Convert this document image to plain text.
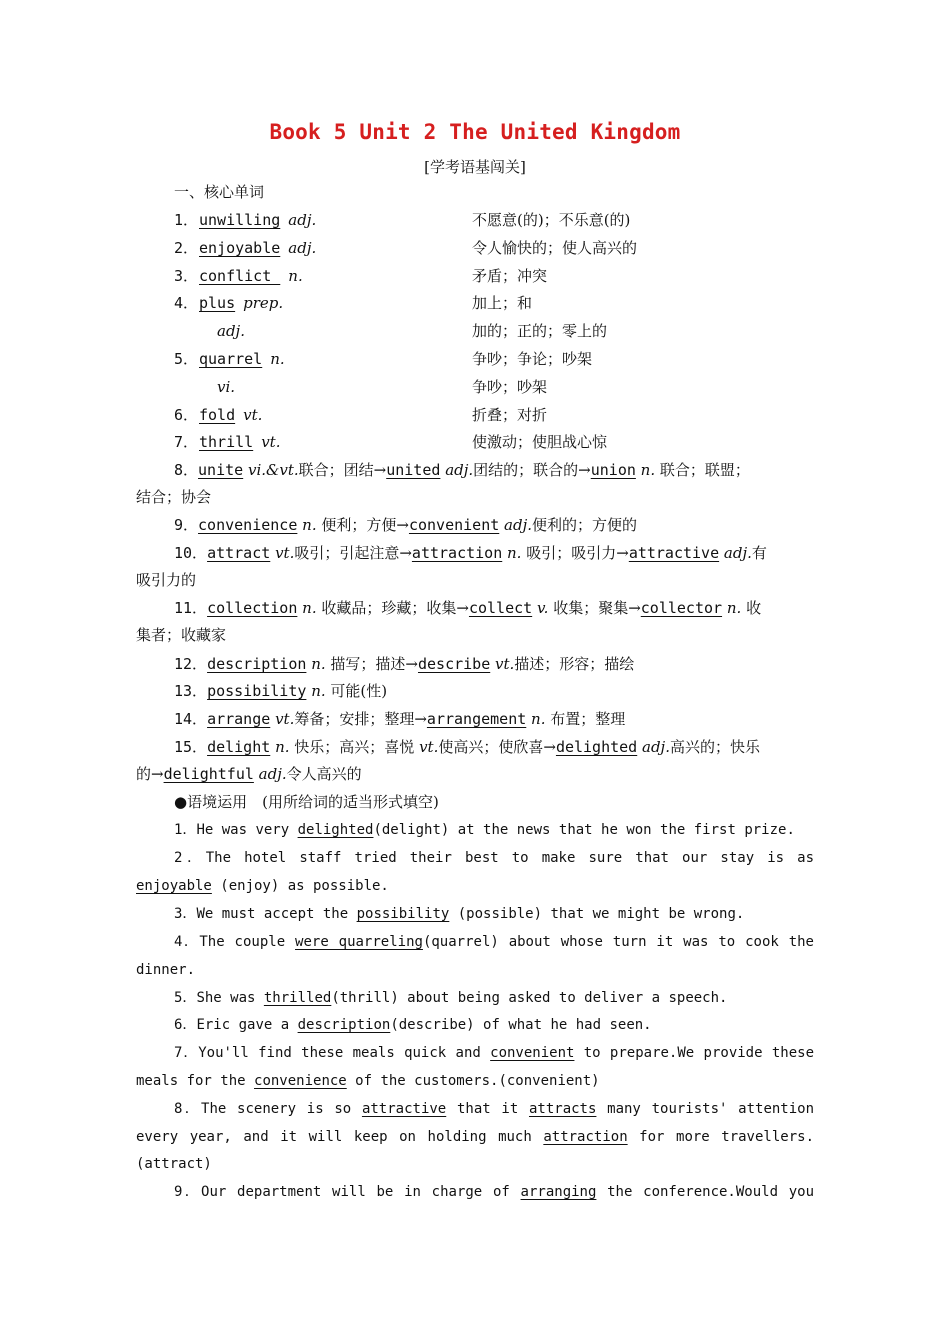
Book 5 Unit 2 The United Kingdom
[学考语基闯关]
一、核心单词
1．unwilling adj.	不愿意(的)；不乐意(的)
2．enjoyable adj.	令人愉快的；使人高兴的
3．conflict n.	矛盾；冲突
4．plus prep.	加上；和
adj.	加的；正的；零上的
5．quarrel n.	争吵；争论；吵架
vi.	争吵；吵架
6．fold vt.	折叠；对折
7．thrill vt.	使激动；使胆战心惊
8．unite vi.&vt.联合；团结→united adj.团结的；联合的→union n. 联合；联盟；
结合；协会
9．convenience n. 便利；方便→convenient adj.便利的；方便的
10．attract vt.吸引；引起注意→attraction n. 吸引；吸引力→attractive adj.有
吸引力的
11．collection n. 收藏品；珍藏；收集→collect v. 收集；聚集→collector n. 收
集者；收藏家
12．description n. 描写；描述→describe vt.描述；形容；描绘
13．possibility n. 可能(性)
14．arrange vt.筹备；安排；整理→arrangement n. 布置；整理
15．delight n. 快乐；高兴；喜悦 vt.使高兴；使欣喜→delighted adj.高兴的；快乐
的→delightful adj.令人高兴的
●语境运用　(用所给词的适当形式填空)
1．He was very delighted(delight) at the news that he won the first prize.
2．The hotel staff tried their best to make sure that our stay is as
enjoyable (enjoy) as possible.
3．We must accept the possibility (possible) that we might be wrong.
4．The couple were quarreling(quarrel) about whose turn it was to cook the
dinner.
5．She was thrilled(thrill) about being asked to deliver a speech.
6．Eric gave a description(describe) of what he had seen.
7．You'll find these meals quick and convenient to prepare.We provide these
meals for the convenience of the customers.(convenient)
8．The scenery is so attractive that it attracts many tourists' attention
every year, and it will keep on holding much attraction for more travellers.
(attract)
9．Our department will be in charge of arranging the conference.Would you
